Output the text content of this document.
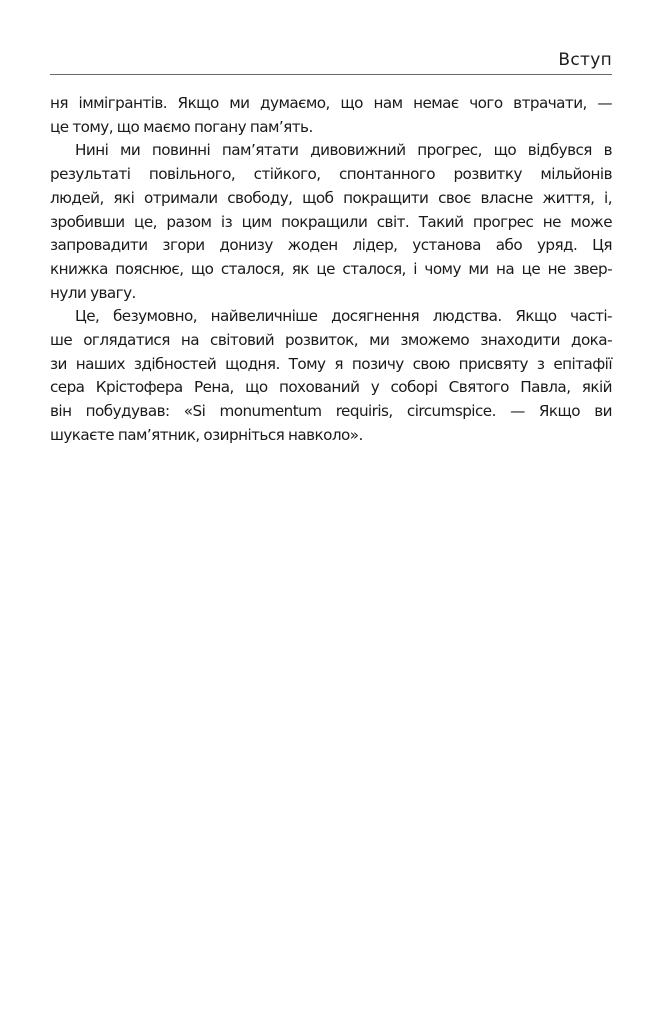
Вступ
ня іммігрантів. Якщо ми думаємо, що нам немає чого втрачати, —
це тому, що маємо погану пам’ять.
Нині ми повинні пам’ятати дивовижний прогрес, що відбувся в
результаті повільного, стійкого, спонтанного розвитку мільйонів
людей, які отримали свободу, щоб покращити своє власне життя, і,
зробивши це, разом із цим покращили світ. Такий прогрес не може
запровадити згори донизу жоден лідер, установа або уряд. Ця
книжка пояснює, що сталося, як це сталося, і чому ми на це не звер-
нули увагу.
Це, безумовно, найвеличніше досягнення людства. Якщо часті-
ше оглядатися на світовий розвиток, ми зможемо знаходити дока-
зи наших здібностей щодня. Тому я позичу свою присвяту з епітафії
сера Крістофера Рена, що похований у соборі Святого Павла, якій
він побудував: «Si monumentum requiris, circumspice. — Якщо ви
шукаєте пам’ятник, озирніться навколо».
